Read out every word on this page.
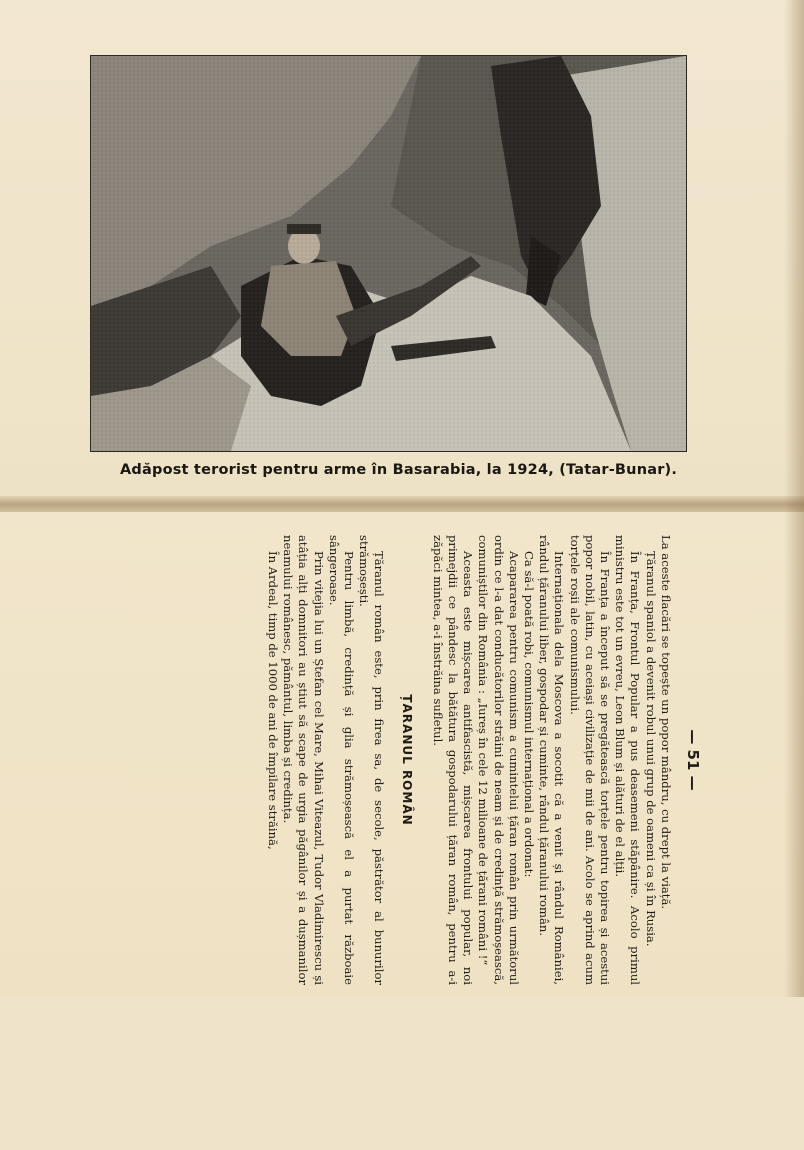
Adăpost terorist pentru arme în Basarabia, la 1924, (Tatar-Bunar).
— 51 —

La aceste flacări se topește un popor mândru, cu drept la viață.

Țăranul spaniol a devenit robul unui grup de oameni ca și în Rusia.

În Franța, Frontul Popular a pus deasemeni stăpânire. Acolo primul ministru este tot un evreu, Leon Blum și alături de el alții.

În Franța a început să se pregătească torțele pentru topirea și acestui popor nobil, latin, cu aceiași civilizație de mii de ani. Acolo se aprind acum torțele roșii ale comunismului.

Internaționala dela Moscova a socotit că a venit și rândul României, rândul țăranului liber, gospodar și cuminte, rândul țăranului român.

Ca să-l poată robi, comunismul internațional a ordonat:

Acapararea pentru comunism a cumintelui țăran român prin următorul ordin ce l-a dat conducătorilor străini de neam și de credință strămoșească, comuniștilor din România : „Iureș în cele 12 milioane de țărani români !“

Aceasta este mișcarea antifascistă, mișcarea frontului popular, noi primejdii ce pândesc la bătătura gospodarului țăran român, pentru a-i zăpăci mintea, a-i înstrăina sufletul.

ȚARANUL ROMÂN

Țăranul român este, prin firea sa, de secole, păstrător al bunurilor strămoșești.

Pentru limbă, credință și glia strămoșească el a purtat războaie sângeroase.

Prin vitejia lui un Ștefan cel Mare, Mihai Viteazul, Tudor Vladimirescu și atâția alți domnitori au știut să scape de urgia păgânilor și a dușmanilor neamului românesc, pământul, limba și credința.

În Ardeal, timp de 1000 de ani de împilare străină,
